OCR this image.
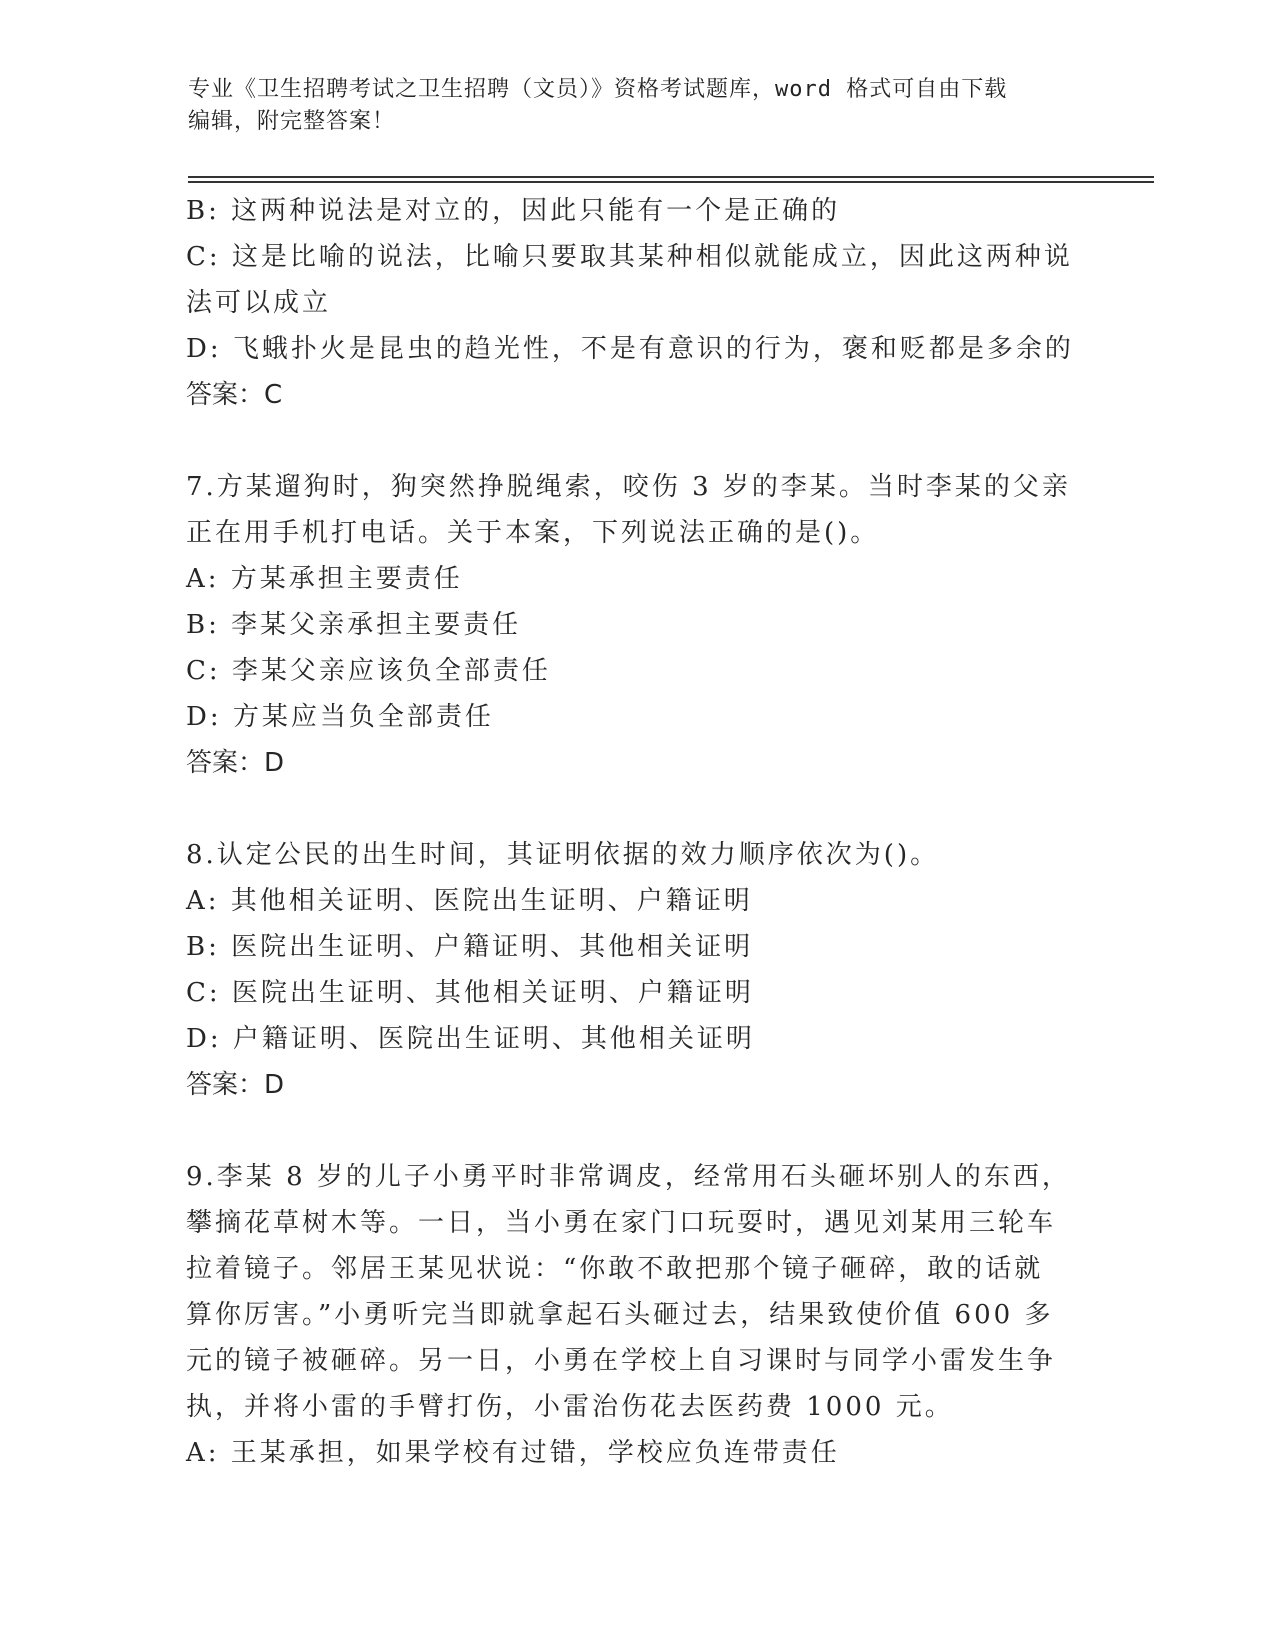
专业《卫生招聘考试之卫生招聘（文员）》资格考试题库，word 格式可自由下载
编辑，附完整答案！
B: 这两种说法是对立的，因此只能有一个是正确的
C: 这是比喻的说法，比喻只要取其某种相似就能成立，因此这两种说
法可以成立
D: 飞蛾扑火是昆虫的趋光性，不是有意识的行为，褒和贬都是多余的
答案：C
7.方某遛狗时，狗突然挣脱绳索，咬伤 3 岁的李某。当时李某的父亲
正在用手机打电话。关于本案，下列说法正确的是()。
A: 方某承担主要责任
B: 李某父亲承担主要责任
C: 李某父亲应该负全部责任
D: 方某应当负全部责任
答案：D
8.认定公民的出生时间，其证明依据的效力顺序依次为()。
A: 其他相关证明、医院出生证明、户籍证明
B: 医院出生证明、户籍证明、其他相关证明
C: 医院出生证明、其他相关证明、户籍证明
D: 户籍证明、医院出生证明、其他相关证明
答案：D
9.李某 8 岁的儿子小勇平时非常调皮，经常用石头砸坏别人的东西，
攀摘花草树木等。一日，当小勇在家门口玩耍时，遇见刘某用三轮车
拉着镜子。邻居王某见状说：“你敢不敢把那个镜子砸碎，敢的话就
算你厉害。”小勇听完当即就拿起石头砸过去，结果致使价值 600 多
元的镜子被砸碎。另一日，小勇在学校上自习课时与同学小雷发生争
执，并将小雷的手臂打伤，小雷治伤花去医药费 1000 元。
A: 王某承担，如果学校有过错，学校应负连带责任
